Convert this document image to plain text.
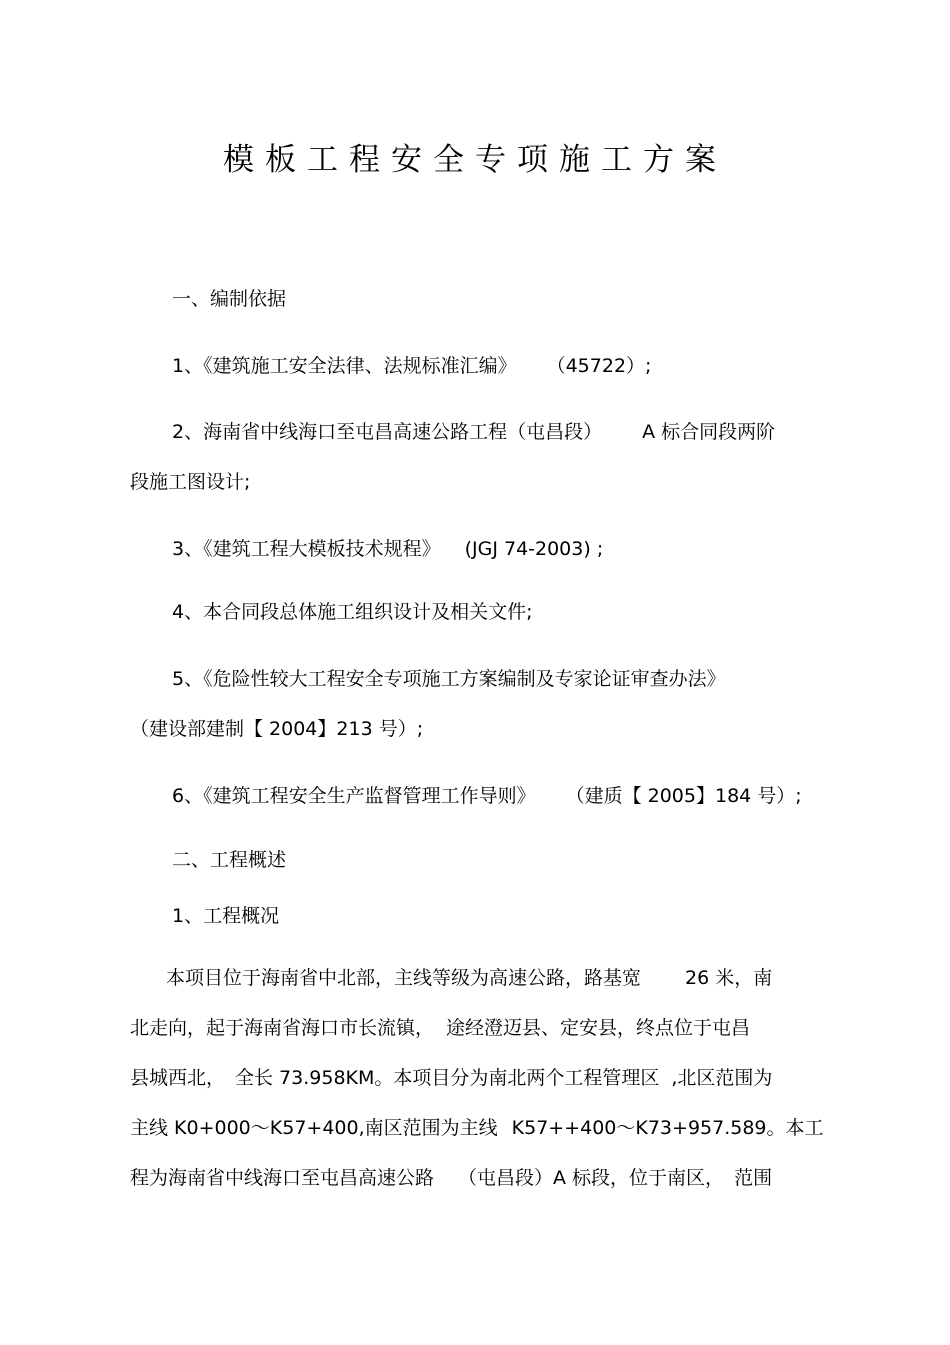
模板工程安全专项施工方案
一、编制依据
1、《建筑施工安全法律、法规标准汇编》 （45722）;
2、海南省中线海口至屯昌高速公路工程（屯昌段） A 标合同段两阶
段施工图设计;
3、《建筑工程大模板技术规程》 (JGJ 74-2003) ;
4、本合同段总体施工组织设计及相关文件;
5、《危险性较大工程安全专项施工方案编制及专家论证审查办法》
（建设部建制【 2004】213 号）;
6、《建筑工程安全生产监督管理工作导则》 （建质【 2005】184 号）;
二、工程概述
1、工程概况
本项目位于海南省中北部，主线等级为高速公路，路基宽 26 米，南
北走向，起于海南省海口市长流镇， 途经澄迈县、定安县，终点位于屯昌
县城西北， 全长 73.958KM。本项目分为南北两个工程管理区 ,北区范围为
主线 K0+000～K57+400,南区范围为主线 K57++400～K73+957.589。本工
程为海南省中线海口至屯昌高速公路 （屯昌段）A 标段，位于南区， 范围
